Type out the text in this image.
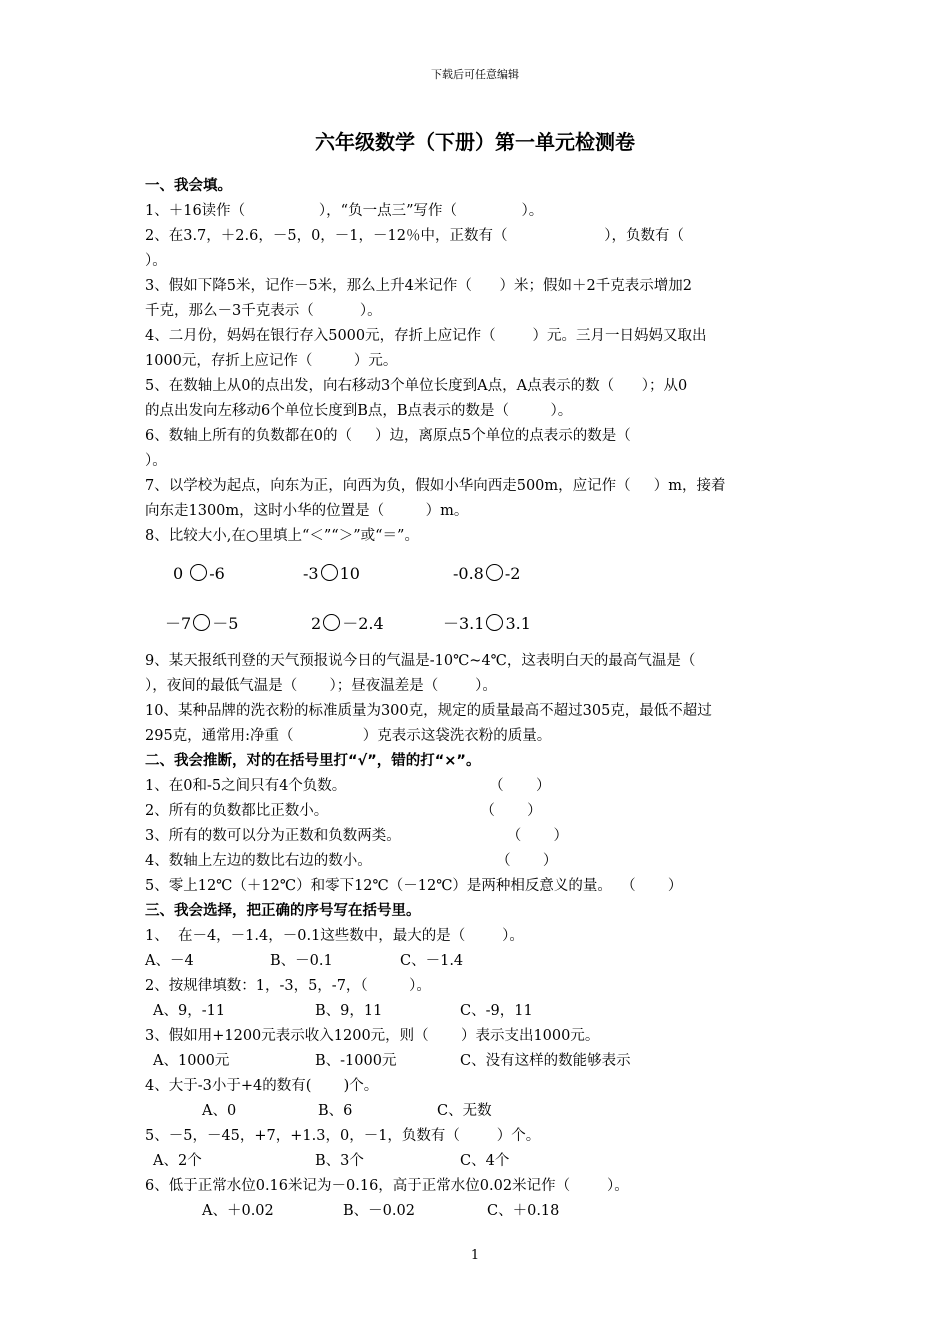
下载后可任意编辑
六年级数学（下册）第一单元检测卷
一、我会填。
1、＋16读作（                ），“负一点三”写作（              ）。
2、在3.7，＋2.6，－5，0，－1，－12％中，正数有（                     ），负数有（
）。
3、假如下降5米，记作－5米，那么上升4米记作（      ）米；假如＋2千克表示增加2
千克，那么－3千克表示（          ）。
4、二月份，妈妈在银行存入5000元，存折上应记作（        ）元。三月一日妈妈又取出
1000元，存折上应记作（         ）元。
5、在数轴上从0的点出发，向右移动3个单位长度到A点，A点表示的数（      ）；从0
的点出发向左移动6个单位长度到B点，B点表示的数是（         ）。
6、数轴上所有的负数都在0的（     ）边，离原点5个单位的点表示的数是（
）。
7、以学校为起点，向东为正，向西为负，假如小华向西走500m，应记作（     ）m，接着
向东走1300m，这时小华的位置是（         ）m。
8、比较大小,在○里填上“＜”“＞”或“＝”。
0 -6	-3 10	-0.8 -2
－7 －5	2 －2.4	－3.1 3.1
9、某天报纸刊登的天气预报说今日的气温是-10℃~4℃，这表明白天的最高气温是（
），夜间的最低气温是（       ）；昼夜温差是（        ）。
10、某种品牌的洗衣粉的标准质量为300克，规定的质量最高不超过305克，最低不超过
295克，通常用:净重（               ）克表示这袋洗衣粉的质量。
二、我会推断，对的在括号里打“√”，错的打“×”。
1、在0和-5之间只有4个负数。                               （       ）
2、所有的负数都比正数小。                                 （       ）
3、所有的数可以分为正数和负数两类。                       （       ）
4、数轴上左边的数比右边的数小。                           （       ）
5、零上12℃（＋12℃）和零下12℃（－12℃）是两种相反意义的量。  （       ）
三、我会选择，把正确的序号写在括号里。
1、  在－4，－1.4，－0.1这些数中，最大的是（        ）。
A、－4	B、－0.1	C、－1.4
2、按规律填数：1，-3，5，-7，（         ）。
A、9，-11	B、9，11	C、-9，11
3、假如用+1200元表示收入1200元，则（       ）表示支出1000元。
A、1000元	B、-1000元	C、没有这样的数能够表示
4、大于-3小于+4的数有(       )个。
A、0	B、6	C、无数
5、－5，－45，+7，+1.3，0，－1，负数有（        ）个。
A、2个	B、3个	C、4个
6、低于正常水位0.16米记为－0.16，高于正常水位0.02米记作（        ）。
A、＋0.02	B、－0.02	C、＋0.18
1
